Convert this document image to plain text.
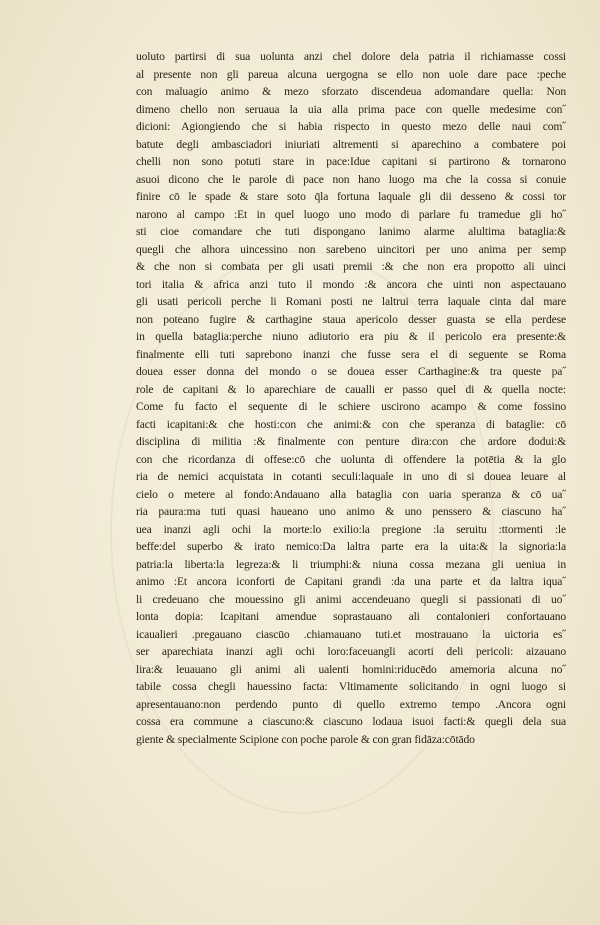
uoluto partirsi di sua uolunta anzi chel dolore dela patria il richiamasse cossi
al presente non gli pareua alcuna uergogna se ello non uole dare pace :peche
con maluagio animo & mezo sforzato discendeua adomandare quella: Non
dimeno chello non seruaua la uia alla prima pace con quelle medesime con˝
dicioni: Agiongiendo che si habia rispecto in questo mezo delle naui com˝
batute degli ambasciadori iniuriati altrementi si aparechino a combatere poi
chelli non sono potuti stare in pace:Idue capitani si partirono & tornarono
asuoi dicono che le parole di pace non hano luogo ma che la cossa si conuie
finire cō le spade & stare soto q̄la fortuna laquale gli dii desseno & cossi tor
narono al campo :Et in quel luogo uno modo di parlare fu tramedue gli ho˝
sti cioe comandare che tuti dispongano lanimo alarme alultima bataglia:&
quegli che alhora uincessino non sarebeno uincitori per uno anima per semp
& che non si combata per gli usati premii :& che non era propotto ali uinci
tori italia & africa anzi tuto il mondo :& ancora che uinti non aspectauano
gli usati pericoli perche li Romani posti ne laltrui terra laquale cinta dal mare
non poteano fugire & carthagine staua apericolo desser guasta se ella perdese
in quella bataglia:perche niuno adiutorio era piu & il pericolo era presente:&
finalmente elli tuti saprebono inanzi che fusse sera el di seguente se Roma
douea esser donna del mondo o se douea esser Carthagine:& tra queste pa˝
role de capitani & lo aparechiare de caualli er passo quel di & quella nocte:
Come fu facto el sequente di le schiere uscirono acampo & come fossino
facti icapitani:& che hosti:con che animi:& con che speranza di bataglie: cō
disciplina di militia :& finalmente con penture dira:con che ardore dodui:&
con che ricordanza di offese:cō che uolunta di offendere la potētia & la glo
ria de nemici acquistata in cotanti seculi:laquale in uno di si douea leuare al
cielo o metere al fondo:Andauano alla bataglia con uaria speranza & cō ua˝
ria paura:ma tuti quasi haueano uno animo & uno penssero & ciascuno ha˝
uea inanzi agli ochi la morte:lo exilio:la pregione :la seruitu :ttormenti :le
beffe:del superbo & irato nemico:Da laltra parte era la uita:& la signoria:la
patria:la liberta:la legreza:& li triumphi:& niuna cossa mezana gli ueniua in
animo :Et ancora iconforti de Capitani grandi :da una parte et da laltra iqua˝
li credeuano che mouessino gli animi accendeuano quegli si passionati di uo˝
lonta dopia: Icapitani amendue soprastauano ali contalonieri confortauano
icaualieri .pregauano ciascūo .chiamauano tuti.et mostrauano la uictoria es˝
ser aparechiata inanzi agli ochi loro:faceuangli acorti deli pericoli: aizauano
lira:& leuauano gli animi ali ualenti homini:riducēdo amemoria alcuna no˝
tabile cossa chegli hauessino facta: Vltimamente solicitando in ogni luogo si
apresentauano:non perdendo punto di quello extremo tempo .Ancora ogni
cossa era commune a ciascuno:& ciascuno lodaua isuoi facti:& quegli dela sua
giente & specialmente Scipione con poche parole & con gran fidāza:cōtādo
